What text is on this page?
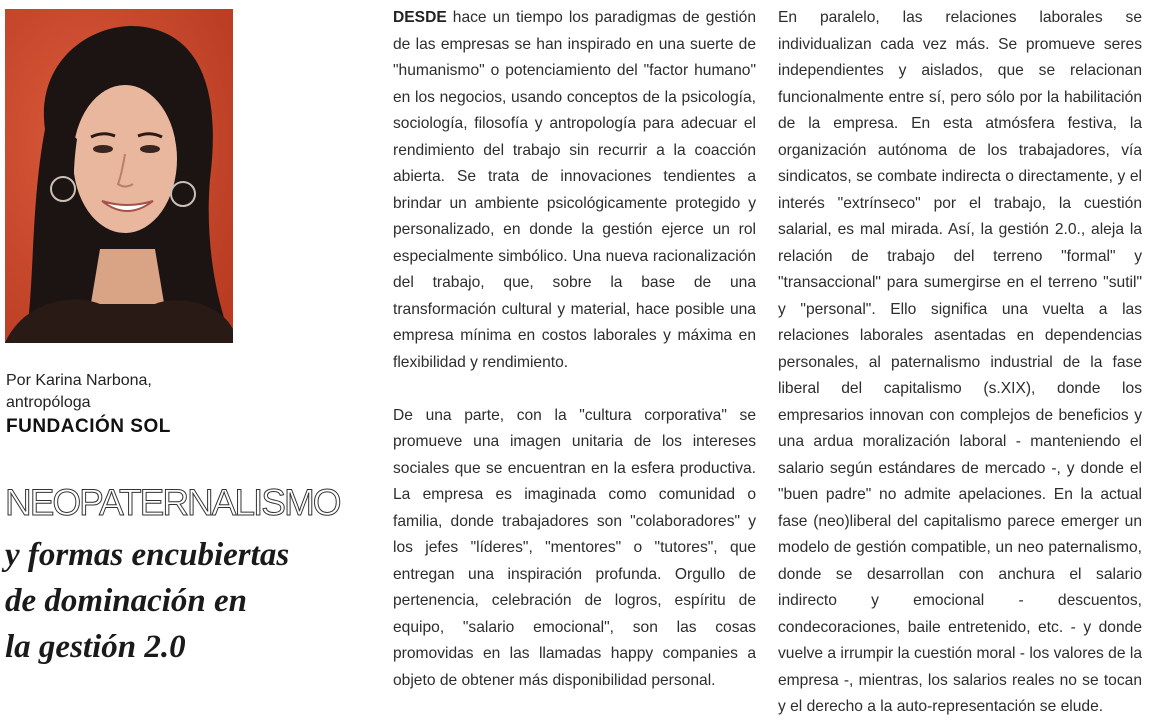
Por Karina Narbona,
antropóloga
FUNDACIÓN SOL
NEOPATERNALISMO
y formas encubiertas
de dominación en
la gestión 2.0

DESDE hace un tiempo los paradigmas de gestión de las empresas se han inspirado en una suerte de "humanismo" o potenciamiento del "factor humano" en los negocios, usando conceptos de la psicología, sociología, filosofía y antropología para adecuar el rendimiento del trabajo sin recurrir a la coacción abierta. Se trata de innovaciones tendientes a brindar un ambiente psicológicamente protegido y personalizado, en donde la gestión ejerce un rol especialmente simbólico. Una nueva racionalización del trabajo, que, sobre la base de una transformación cultural y material, hace posible una empresa mínima en costos laborales y máxima en flexibilidad y rendimiento.

De una parte, con la "cultura corporativa" se promueve una imagen unitaria de los intereses sociales que se encuentran en la esfera productiva. La empresa es imaginada como comunidad o familia, donde trabajadores son "colaboradores" y los jefes "líderes", "mentores" o "tutores", que entregan una inspiración profunda. Orgullo de pertenencia, celebración de logros, espíritu de equipo, "salario emocional", son las cosas promovidas en las llamadas happy companies a objeto de obtener más disponibilidad personal.

En paralelo, las relaciones laborales se individualizan cada vez más. Se promueve seres independientes y aislados, que se relacionan funcionalmente entre sí, pero sólo por la habilitación de la empresa. En esta atmósfera festiva, la organización autónoma de los trabajadores, vía sindicatos, se combate indirecta o directamente, y el interés "extrínseco" por el trabajo, la cuestión salarial, es mal mirada. Así, la gestión 2.0., aleja la relación de trabajo del terreno "formal" y "transaccional" para sumergirse en el terreno "sutil" y "personal". Ello significa una vuelta a las relaciones laborales asentadas en dependencias personales, al paternalismo industrial de la fase liberal del capitalismo (s.XIX), donde los empresarios innovan con complejos de beneficios y una ardua moralización laboral - manteniendo el salario según estándares de mercado -, y donde el "buen padre" no admite apelaciones. En la actual fase (neo)liberal del capitalismo parece emerger un modelo de gestión compatible, un neo paternalismo, donde se desarrollan con anchura el salario indirecto y emocional - descuentos, condecoraciones, baile entretenido, etc. - y donde vuelve a irrumpir la cuestión moral - los valores de la empresa -, mientras, los salarios reales no se tocan y el derecho a la auto-representación se elude.
